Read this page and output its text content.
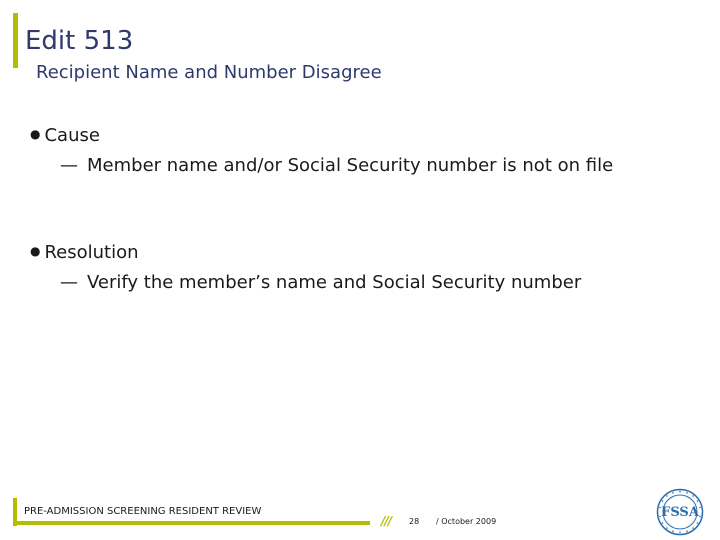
Edit 513
Recipient Name and Number Disagree
● Cause
— Member name and/or Social Security number is not on file
● Resolution
— Verify the member’s name and Social Security number
PRE-ADMISSION SCREENING RESIDENT REVIEW
/// 28 / October 2009
FSSA
